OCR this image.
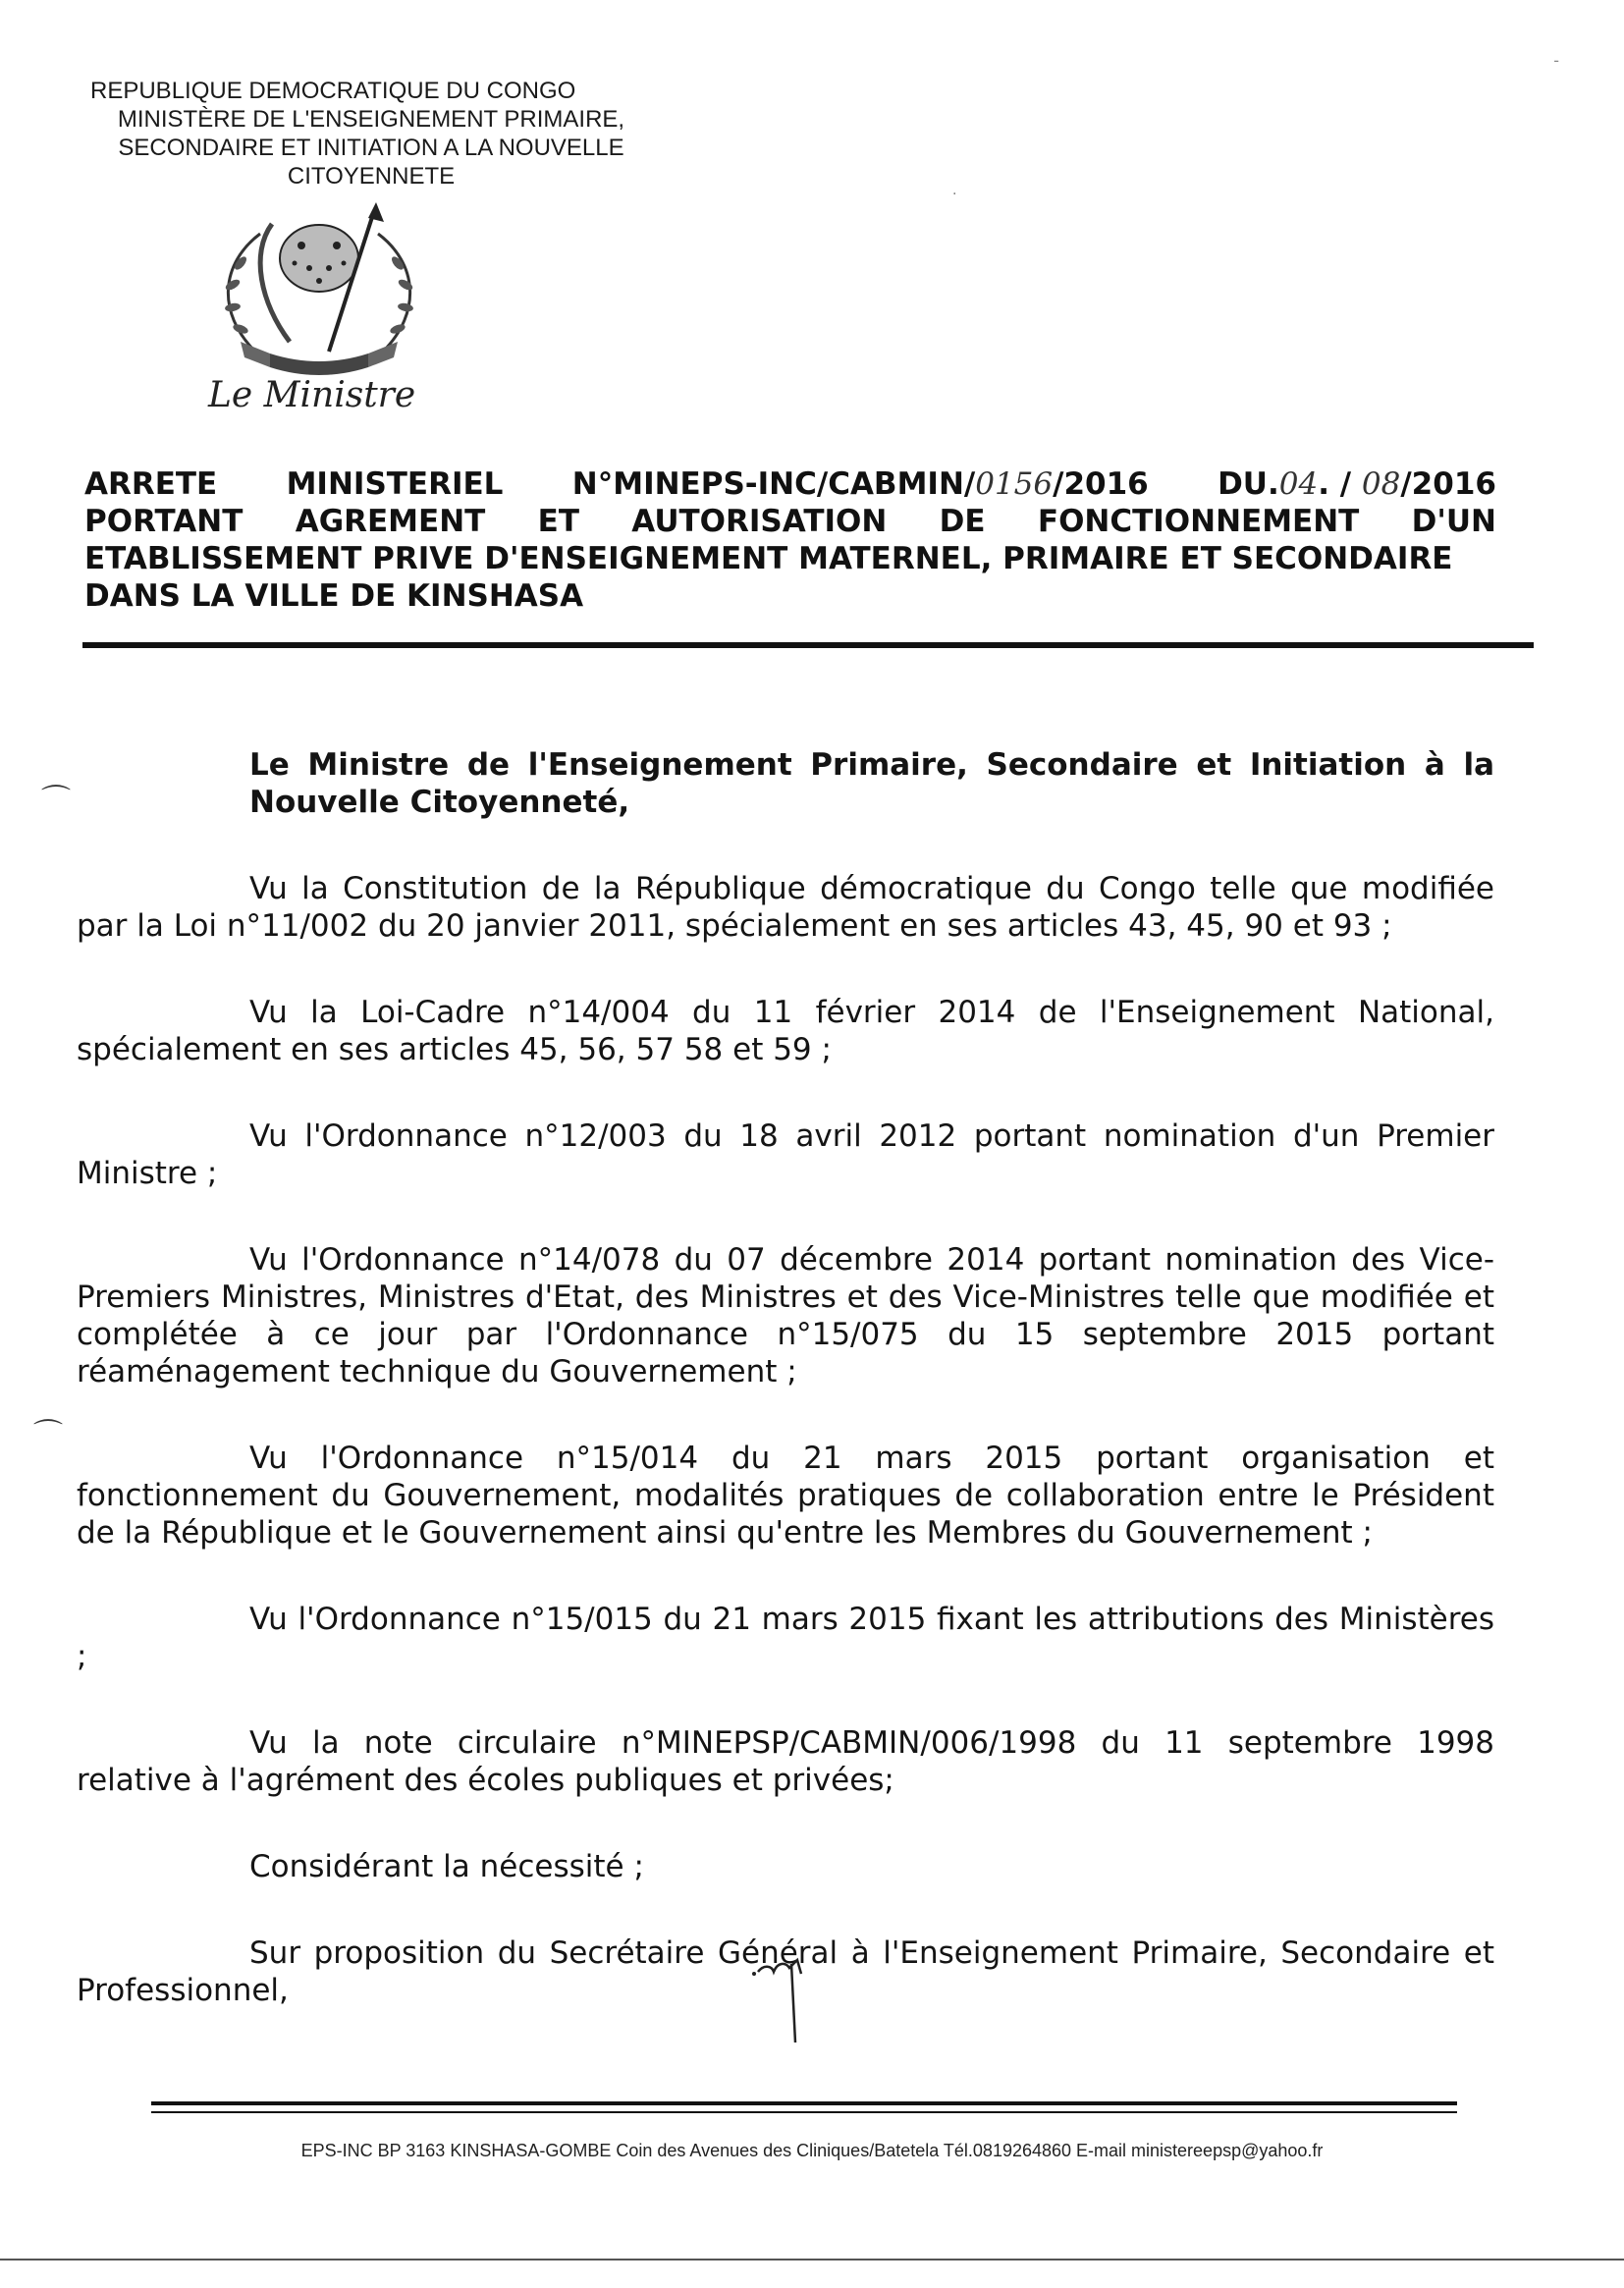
-
·
REPUBLIQUE DEMOCRATIQUE DU CONGO
MINISTÈRE DE L'ENSEIGNEMENT PRIMAIRE,
SECONDAIRE ET INITIATION A LA NOUVELLE
CITOYENNETE
Le Ministre
ARRETE MINISTERIEL N°MINEPS-INC/CABMIN/0156/2016 DU.04. / 08/2016
PORTANT AGREMENT ET AUTORISATION DE FONCTIONNEMENT D'UN
ETABLISSEMENT PRIVE D'ENSEIGNEMENT MATERNEL, PRIMAIRE ET SECONDAIRE
DANS LA VILLE DE KINSHASA
⌒
⌒
Le Ministre de l'Enseignement Primaire, Secondaire et Initiation à la Nouvelle Citoyenneté,
Vu la Constitution de la République démocratique du Congo telle que modifiée par la Loi n°11/002 du 20 janvier 2011, spécialement en ses articles 43, 45, 90 et 93 ;
Vu la Loi-Cadre n°14/004 du 11 février 2014 de l'Enseignement National, spécialement en ses articles 45, 56, 57 58 et 59 ;
Vu l'Ordonnance n°12/003 du 18 avril 2012 portant nomination d'un Premier Ministre ;
Vu l'Ordonnance n°14/078 du 07 décembre 2014 portant nomination des Vice-Premiers Ministres, Ministres d'Etat, des Ministres et des Vice-Ministres telle que modifiée et complétée à ce jour par l'Ordonnance n°15/075 du 15 septembre 2015 portant réaménagement technique du Gouvernement ;
Vu l'Ordonnance n°15/014 du 21 mars 2015 portant organisation et fonctionnement du Gouvernement, modalités pratiques de collaboration entre le Président de la République et le Gouvernement ainsi qu'entre les Membres du Gouvernement ;
Vu l'Ordonnance n°15/015 du 21 mars 2015 fixant les attributions des Ministères ;
Vu la note circulaire n°MINEPSP/CABMIN/006/1998 du 11 septembre 1998 relative à l'agrément des écoles publiques et privées;
Considérant la nécessité ;
Sur proposition du Secrétaire Général à l'Enseignement Primaire, Secondaire et Professionnel,
EPS-INC BP 3163 KINSHASA-GOMBE Coin des Avenues des Cliniques/Batetela Tél.0819264860 E-mail ministereepsp@yahoo.fr
